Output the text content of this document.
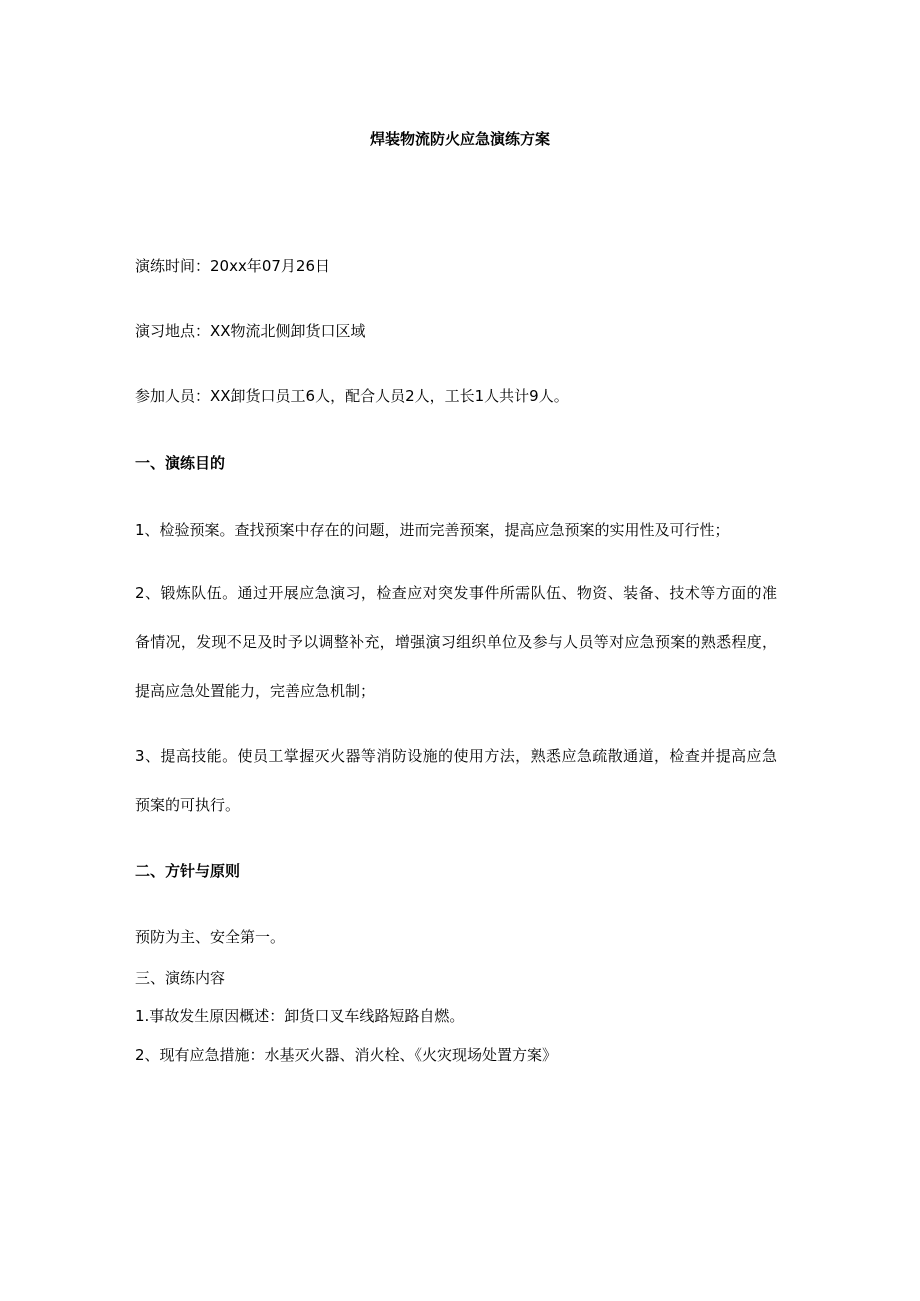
焊装物流防火应急演练方案
演练时间：20xx年07月26日
演习地点：XX物流北侧卸货口区域
参加人员：XX卸货口员工6人，配合人员2人，工长1人共计9人。
一、演练目的
1、检验预案。查找预案中存在的问题，进而完善预案，提高应急预案的实用性及可行性；
2、锻炼队伍。通过开展应急演习，检查应对突发事件所需队伍、物资、装备、技术等方面的准
备情况，发现不足及时予以调整补充，增强演习组织单位及参与人员等对应急预案的熟悉程度，
提高应急处置能力，完善应急机制；
3、提高技能。使员工掌握灭火器等消防设施的使用方法，熟悉应急疏散通道，检查并提高应急
预案的可执行。
二、方针与原则
预防为主、安全第一。
三、演练内容
1.事故发生原因概述：卸货口叉车线路短路自燃。
2、现有应急措施：水基灭火器、消火栓、《火灾现场处置方案》
